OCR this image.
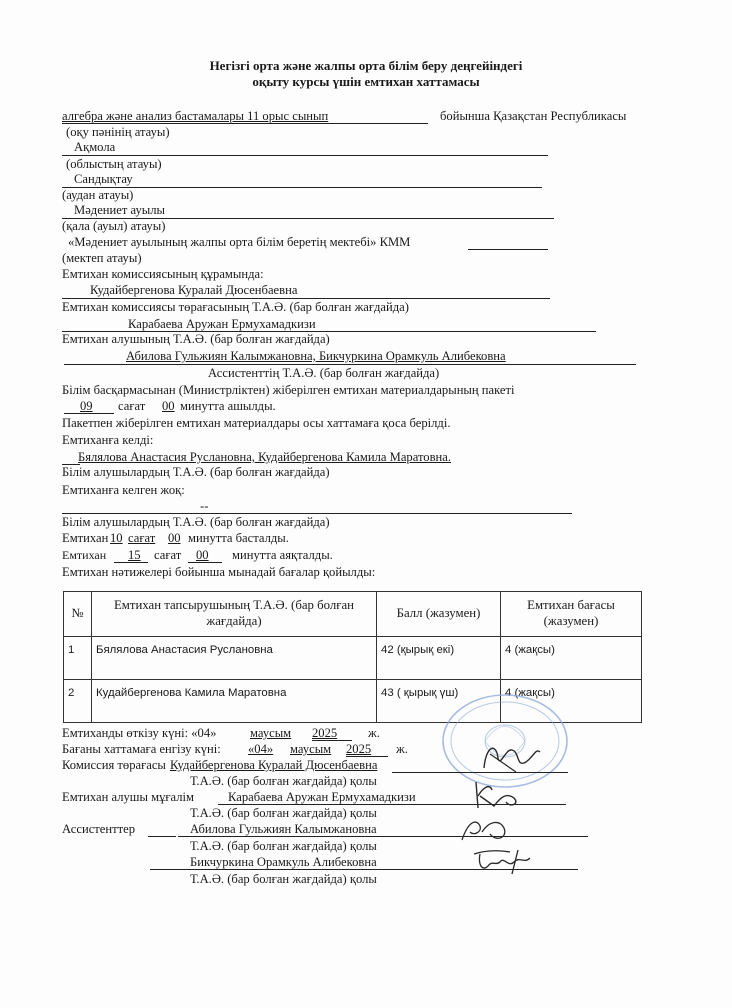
Негізгі орта және жалпы орта білім беру деңгейіндегі
оқыту курсы үшін емтихан хаттамасы
алгебра және анализ бастамалары 11 орыс сынып	бойынша Қазақстан Республикасы
(оқу пәнінің атауы)
Ақмола
(облыстың атауы)
Сандықтау
(аудан атауы)
Мәдениет ауылы
(қала (ауыл) атауы)
«Мәдениет ауылының жалпы орта білім беретің мектебі» КММ
(мектеп атауы)
Емтихан комиссиясының құрамында:
Кудайбергенова Куралай Дюсенбаевна
Емтихан комиссиясы төрағасының Т.А.Ә. (бар болған жағдайда)
Карабаева Аружан Ермухамадкизи
Емтихан алушының Т.А.Ә. (бар болған жағдайда)
Абилова Гульжиян Калымжановна, Бикчуркина Орамкуль Алибековна
Ассистенттің Т.А.Ә. (бар болған жағдайда)
Білім басқармасынан (Министрліктен) жіберілген емтихан материалдарының пакеті
09 сағат 00 минутта ашылды.
Пакетпен жіберілген емтихан материалдары осы хаттамаға қоса берілді.
Емтиханға келді:
Бялялова Анастасия Руслановна, Кудайбергенова Камила Маратовна.
Білім алушылардың Т.А.Ә. (бар болған жағдайда)
Емтиханға келген жоқ:
--
Білім алушылардың Т.А.Ә. (бар болған жағдайда)
Емтихан 10 сағат 00 минутта басталды.
Емтихан 15 сағат 00 минутта аяқталды.
Емтихан нәтижелері бойынша мынадай бағалар қойылды:
№	Емтихан тапсырушының Т.А.Ә. (бар болған жағдайда)	Балл (жазумен)	Емтихан бағасы (жазумен)
1	Бялялова Анастасия Руслановна	42 (қырық екі)	4 (жақсы)
2	Кудайбергенова Камила Маратовна	43 ( қырық үш)	4 (жақсы)
Емтиханды өткізу күні: «04»	маусым 2025 ж.
Бағаны хаттамаға енгізу күні: «04» маусым 2025 ж.
Комиссия төрағасы Кудайбергенова Куралай Дюсенбаевна
Т.А.Ә. (бар болған жағдайда) қолы
Емтихан алушы мұғалім	Карабаева Аружан Ермухамадкизи
Т.А.Ә. (бар болған жағдайда) қолы
Ассистенттер	Абилова Гульжиян Калымжановна
Т.А.Ә. (бар болған жағдайда) қолы
Бикчуркина Орамкуль Алибековна
Т.А.Ә. (бар болған жағдайда) қолы
